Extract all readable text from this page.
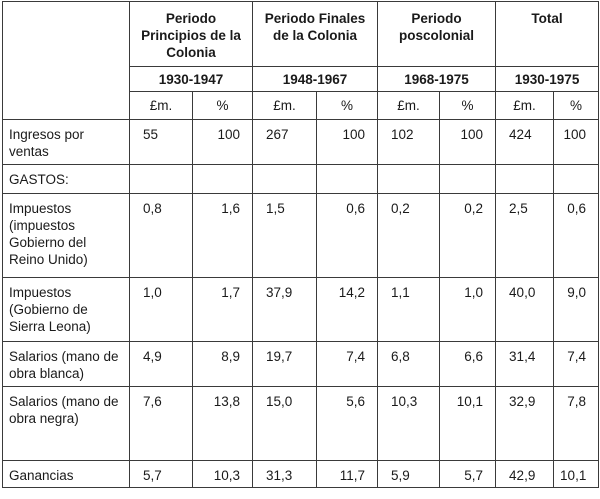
	Periodo Principios de la Colonia		Periodo Finales de la Colonia		Periodo poscolonial		Total	
	1930-1947		1948-1967		1968-1975		1930-1975	
	£m.	%	£m.	%	£m.	%	£m.	%
Ingresos por ventas	55	100	267	100	102	100	424	100
GASTOS:								
Impuestos (impuestos Gobierno del Reino Unido)	0,8	1,6	1,5	0,6	0,2	0,2	2,5	0,6
Impuestos (Gobierno de Sierra Leona)	1,0	1,7	37,9	14,2	1,1	1,0	40,0	9,0
Salarios (mano de obra blanca)	4,9	8,9	19,7	7,4	6,8	6,6	31,4	7,4
Salarios (mano de obra negra)	7,6	13,8	15,0	5,6	10,3	10,1	32,9	7,8
Ganancias	5,7	10,3	31,3	11,7	5,9	5,7	42,9	10,1
